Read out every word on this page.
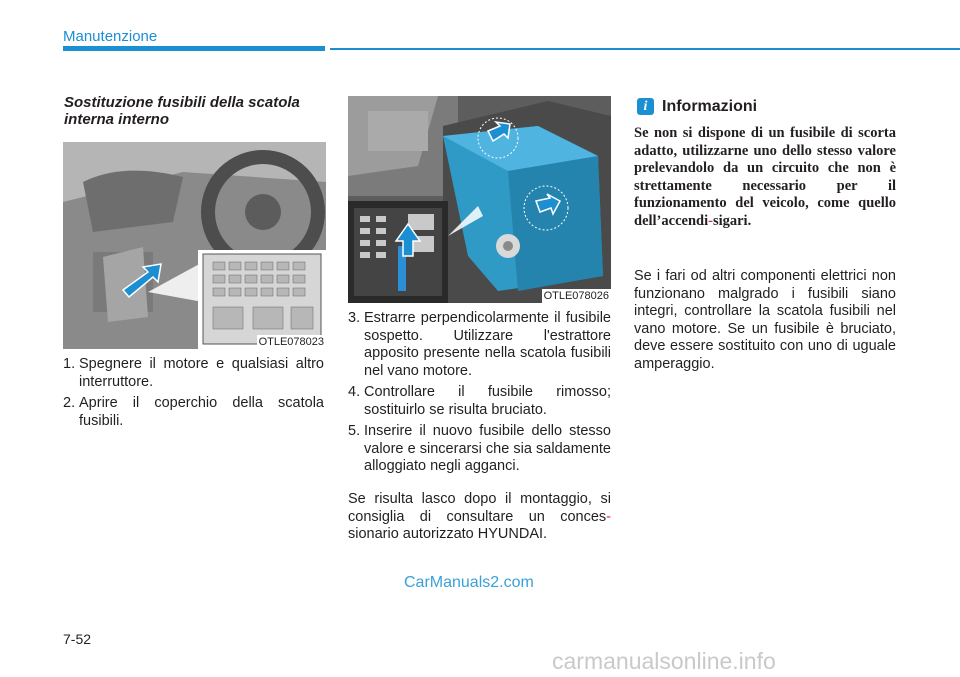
Manutenzione
Sostituzione fusibili della scatola interna interno
OTLE078023
1. Spegnere il motore e qualsiasi altro interruttore.
2. Aprire il coperchio della scatola fusibili.
OTLE078026
3. Estrarre perpendicolarmente il fusibile sospetto. Utilizzare l'estrattore apposito presente nella scatola fusibili nel vano motore.
4. Controllare il fusibile rimosso; sostituirlo se risulta bruciato.
5. Inserire il nuovo fusibile dello stesso valore e sincerarsi che sia saldamente alloggiato negli agganci.
Se risulta lasco dopo il montaggio, si consiglia di consultare un conces-sionario autorizzato HYUNDAI.
i Informazioni
Se non si dispone di un fusibile di scorta adatto, utilizzarne uno dello stesso valore prelevandolo da un circuito che non è strettamente necessario per il funzionamento del veicolo, come quello dell’accendi-sigari.
Se i fari od altri componenti elettrici non funzionano malgrado i fusibili siano integri, controllare la scatola fusibili nel vano motore. Se un fusibile è bruciato, deve essere sostituito con uno di uguale amperaggio.
CarManuals2.com
7-52
carmanualsonline.info
